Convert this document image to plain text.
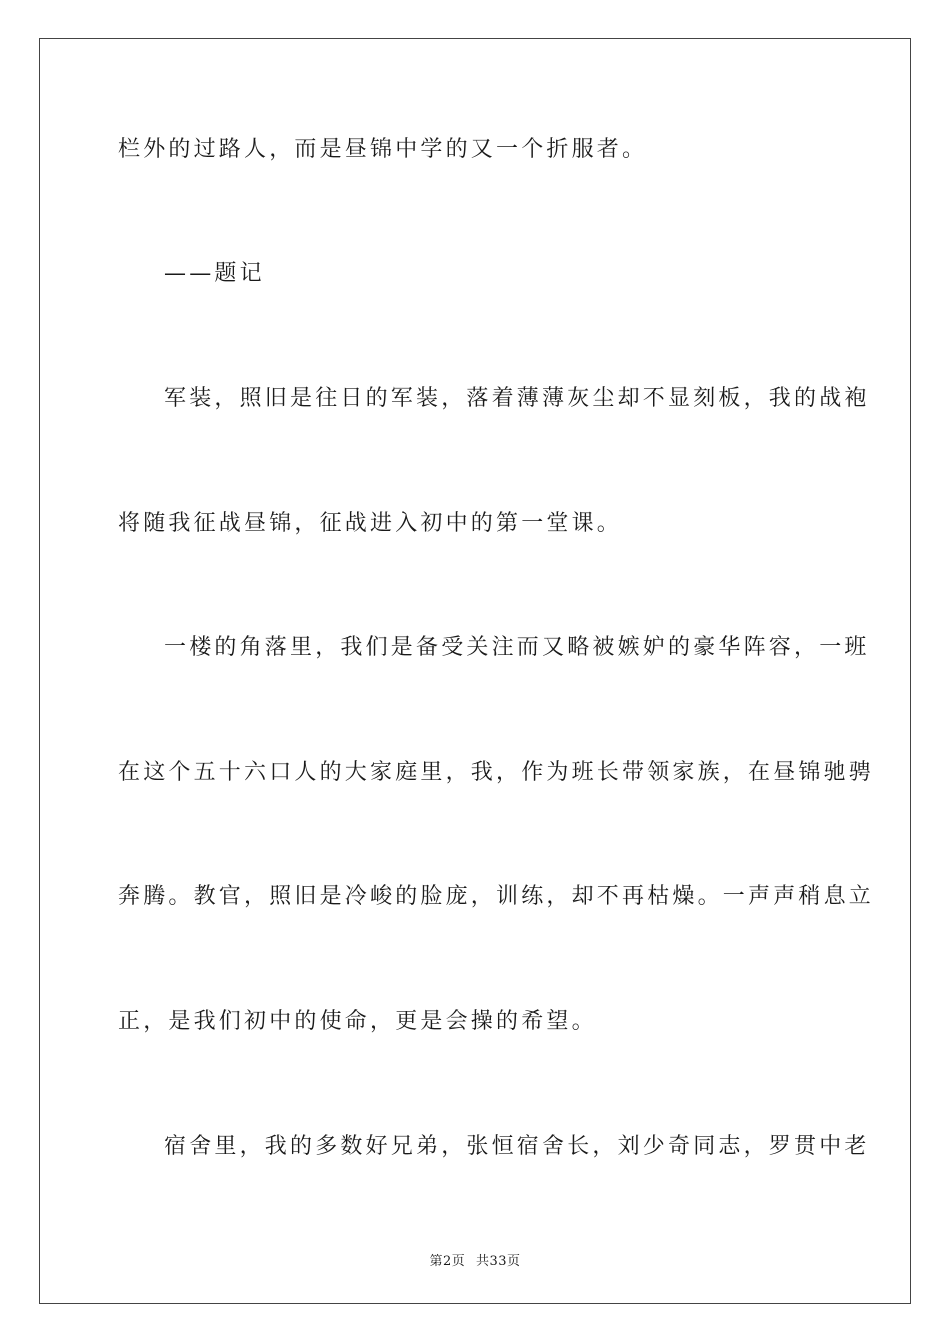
栏外的过路人，而是昼锦中学的又一个折服者。
——题记
军装，照旧是往日的军装，落着薄薄灰尘却不显刻板，我的战袍
将随我征战昼锦，征战进入初中的第一堂课。
一楼的角落里，我们是备受关注而又略被嫉妒的豪华阵容，一班
在这个五十六口人的大家庭里，我，作为班长带领家族，在昼锦驰骋
奔腾。教官，照旧是冷峻的脸庞，训练，却不再枯燥。一声声稍息立
正，是我们初中的使命，更是会操的希望。
宿舍里，我的多数好兄弟，张恒宿舍长，刘少奇同志，罗贯中老
第2页 共33页
